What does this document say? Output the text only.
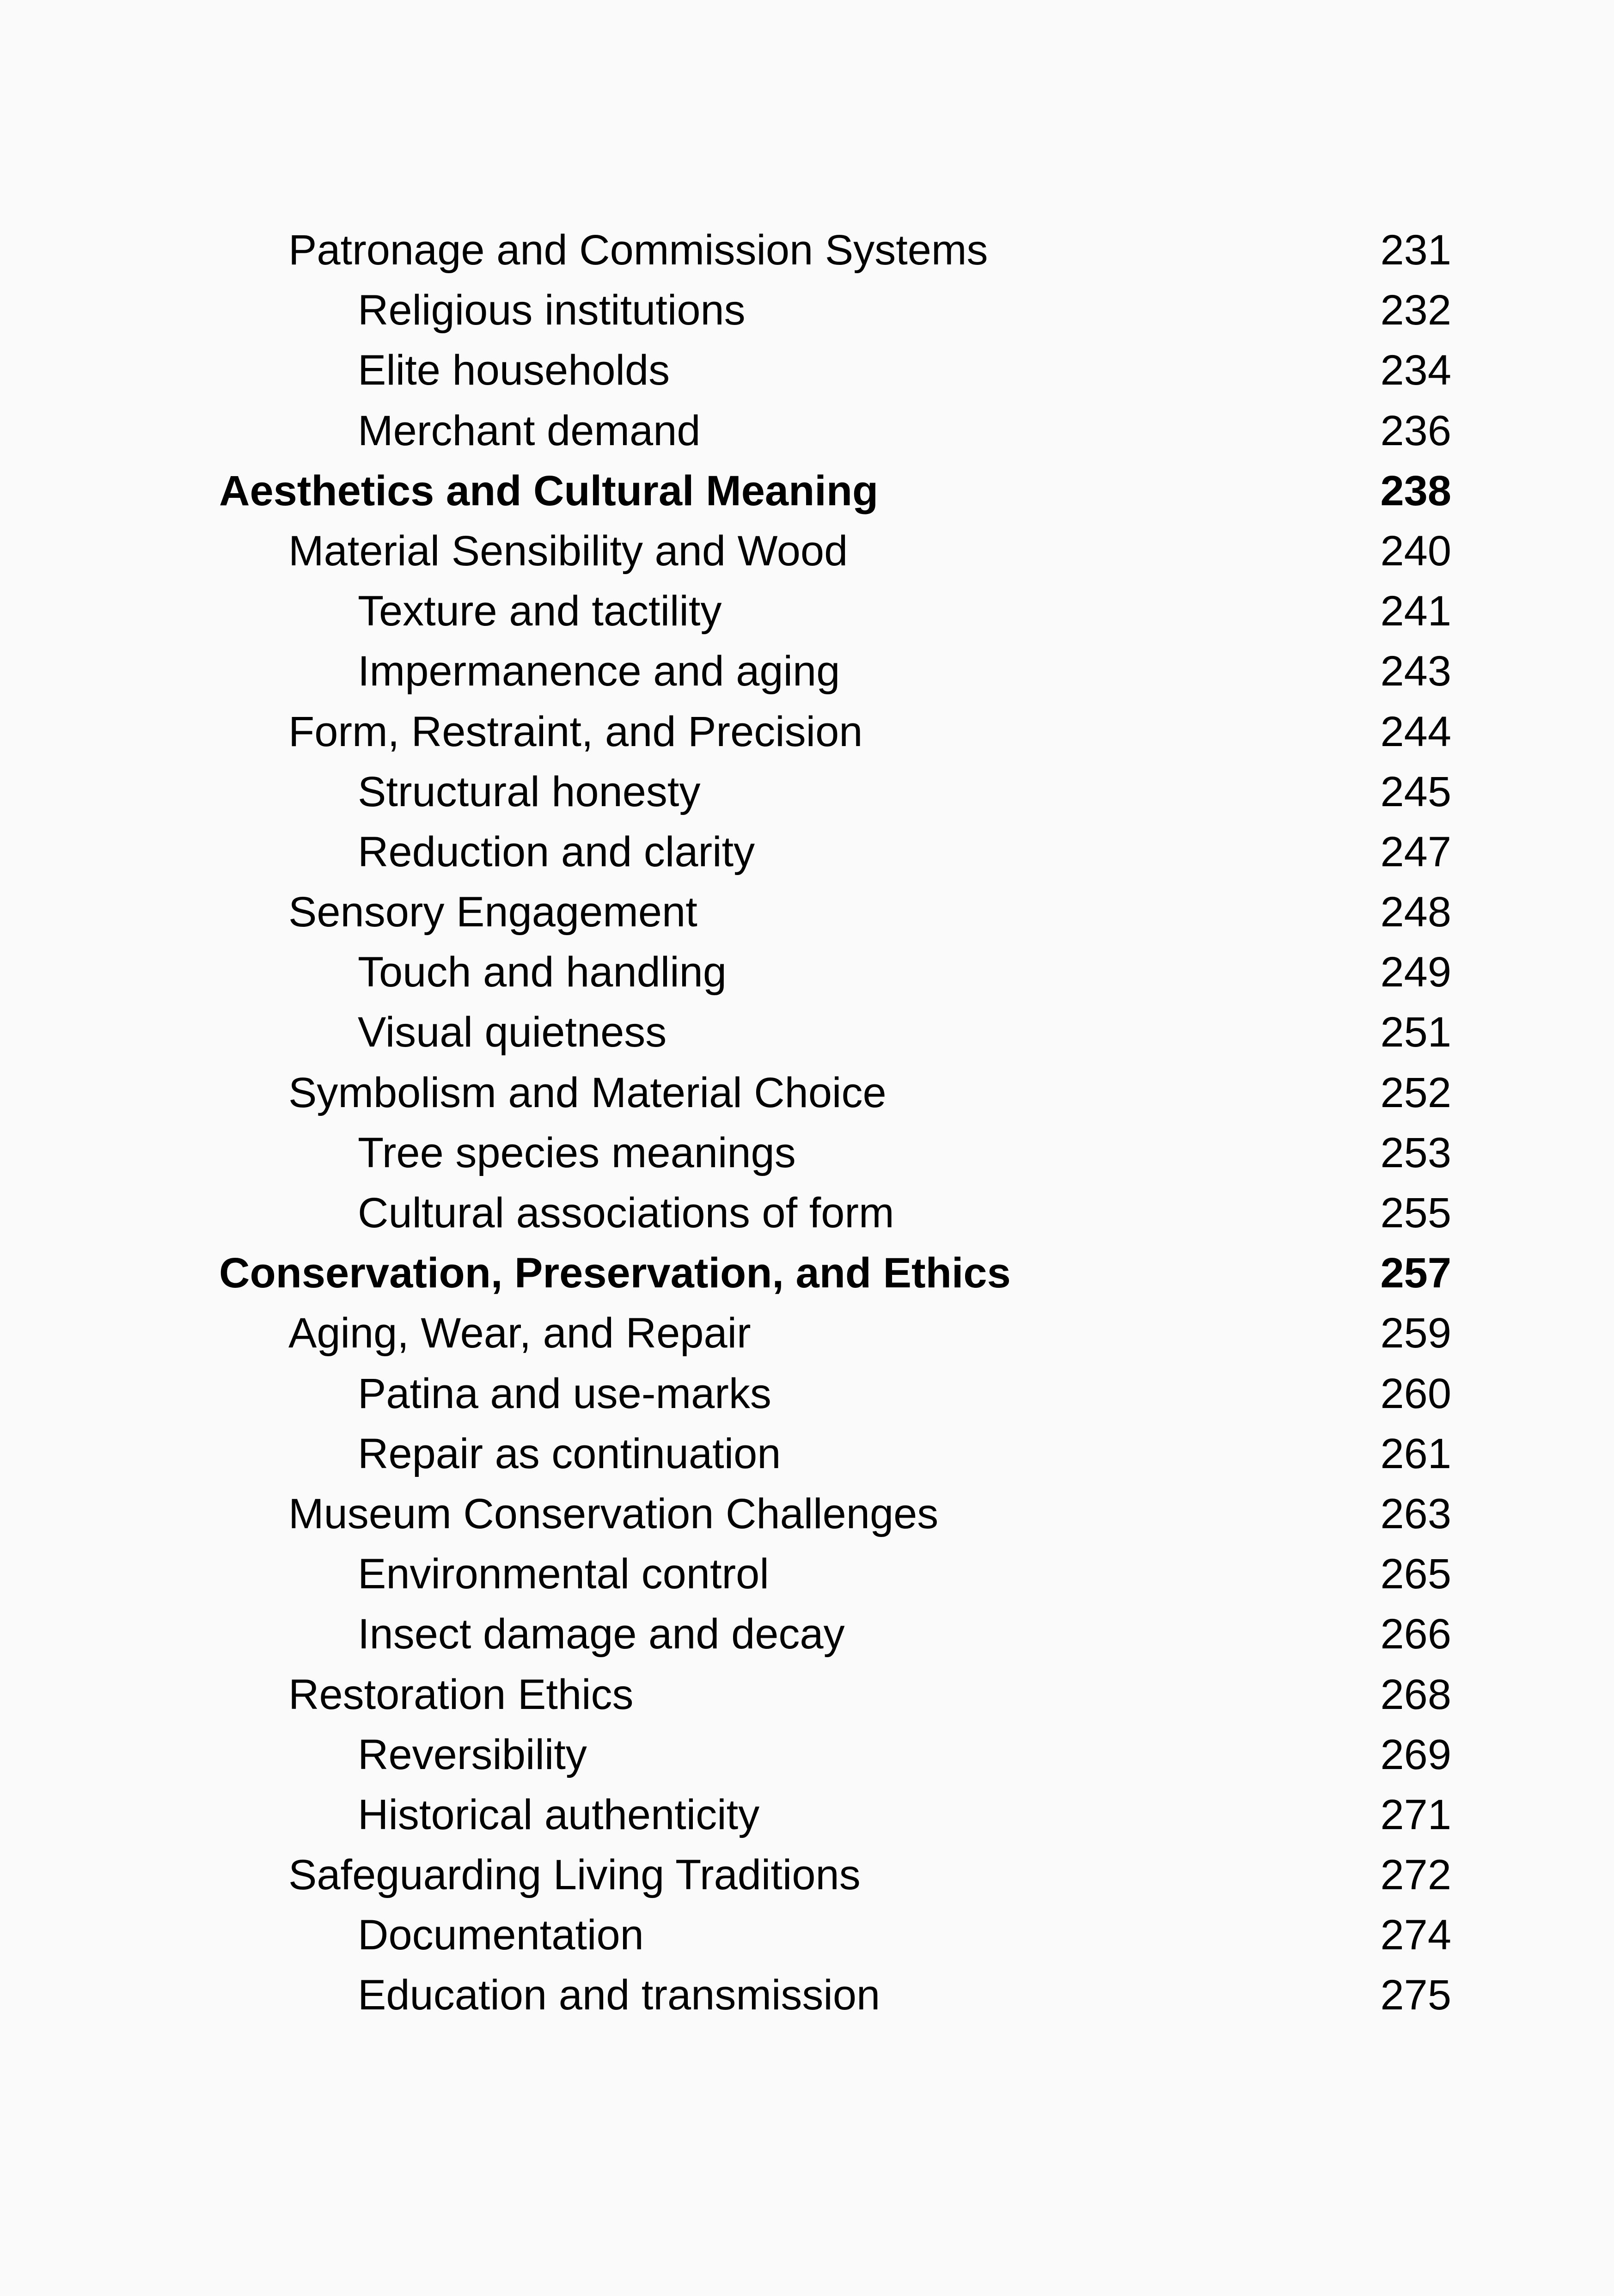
Patronage and Commission Systems	231
Religious institutions	232
Elite households	234
Merchant demand	236
Aesthetics and Cultural Meaning	238
Material Sensibility and Wood	240
Texture and tactility	241
Impermanence and aging	243
Form, Restraint, and Precision	244
Structural honesty	245
Reduction and clarity	247
Sensory Engagement	248
Touch and handling	249
Visual quietness	251
Symbolism and Material Choice	252
Tree species meanings	253
Cultural associations of form	255
Conservation, Preservation, and Ethics	257
Aging, Wear, and Repair	259
Patina and use-marks	260
Repair as continuation	261
Museum Conservation Challenges	263
Environmental control	265
Insect damage and decay	266
Restoration Ethics	268
Reversibility	269
Historical authenticity	271
Safeguarding Living Traditions	272
Documentation	274
Education and transmission	275
